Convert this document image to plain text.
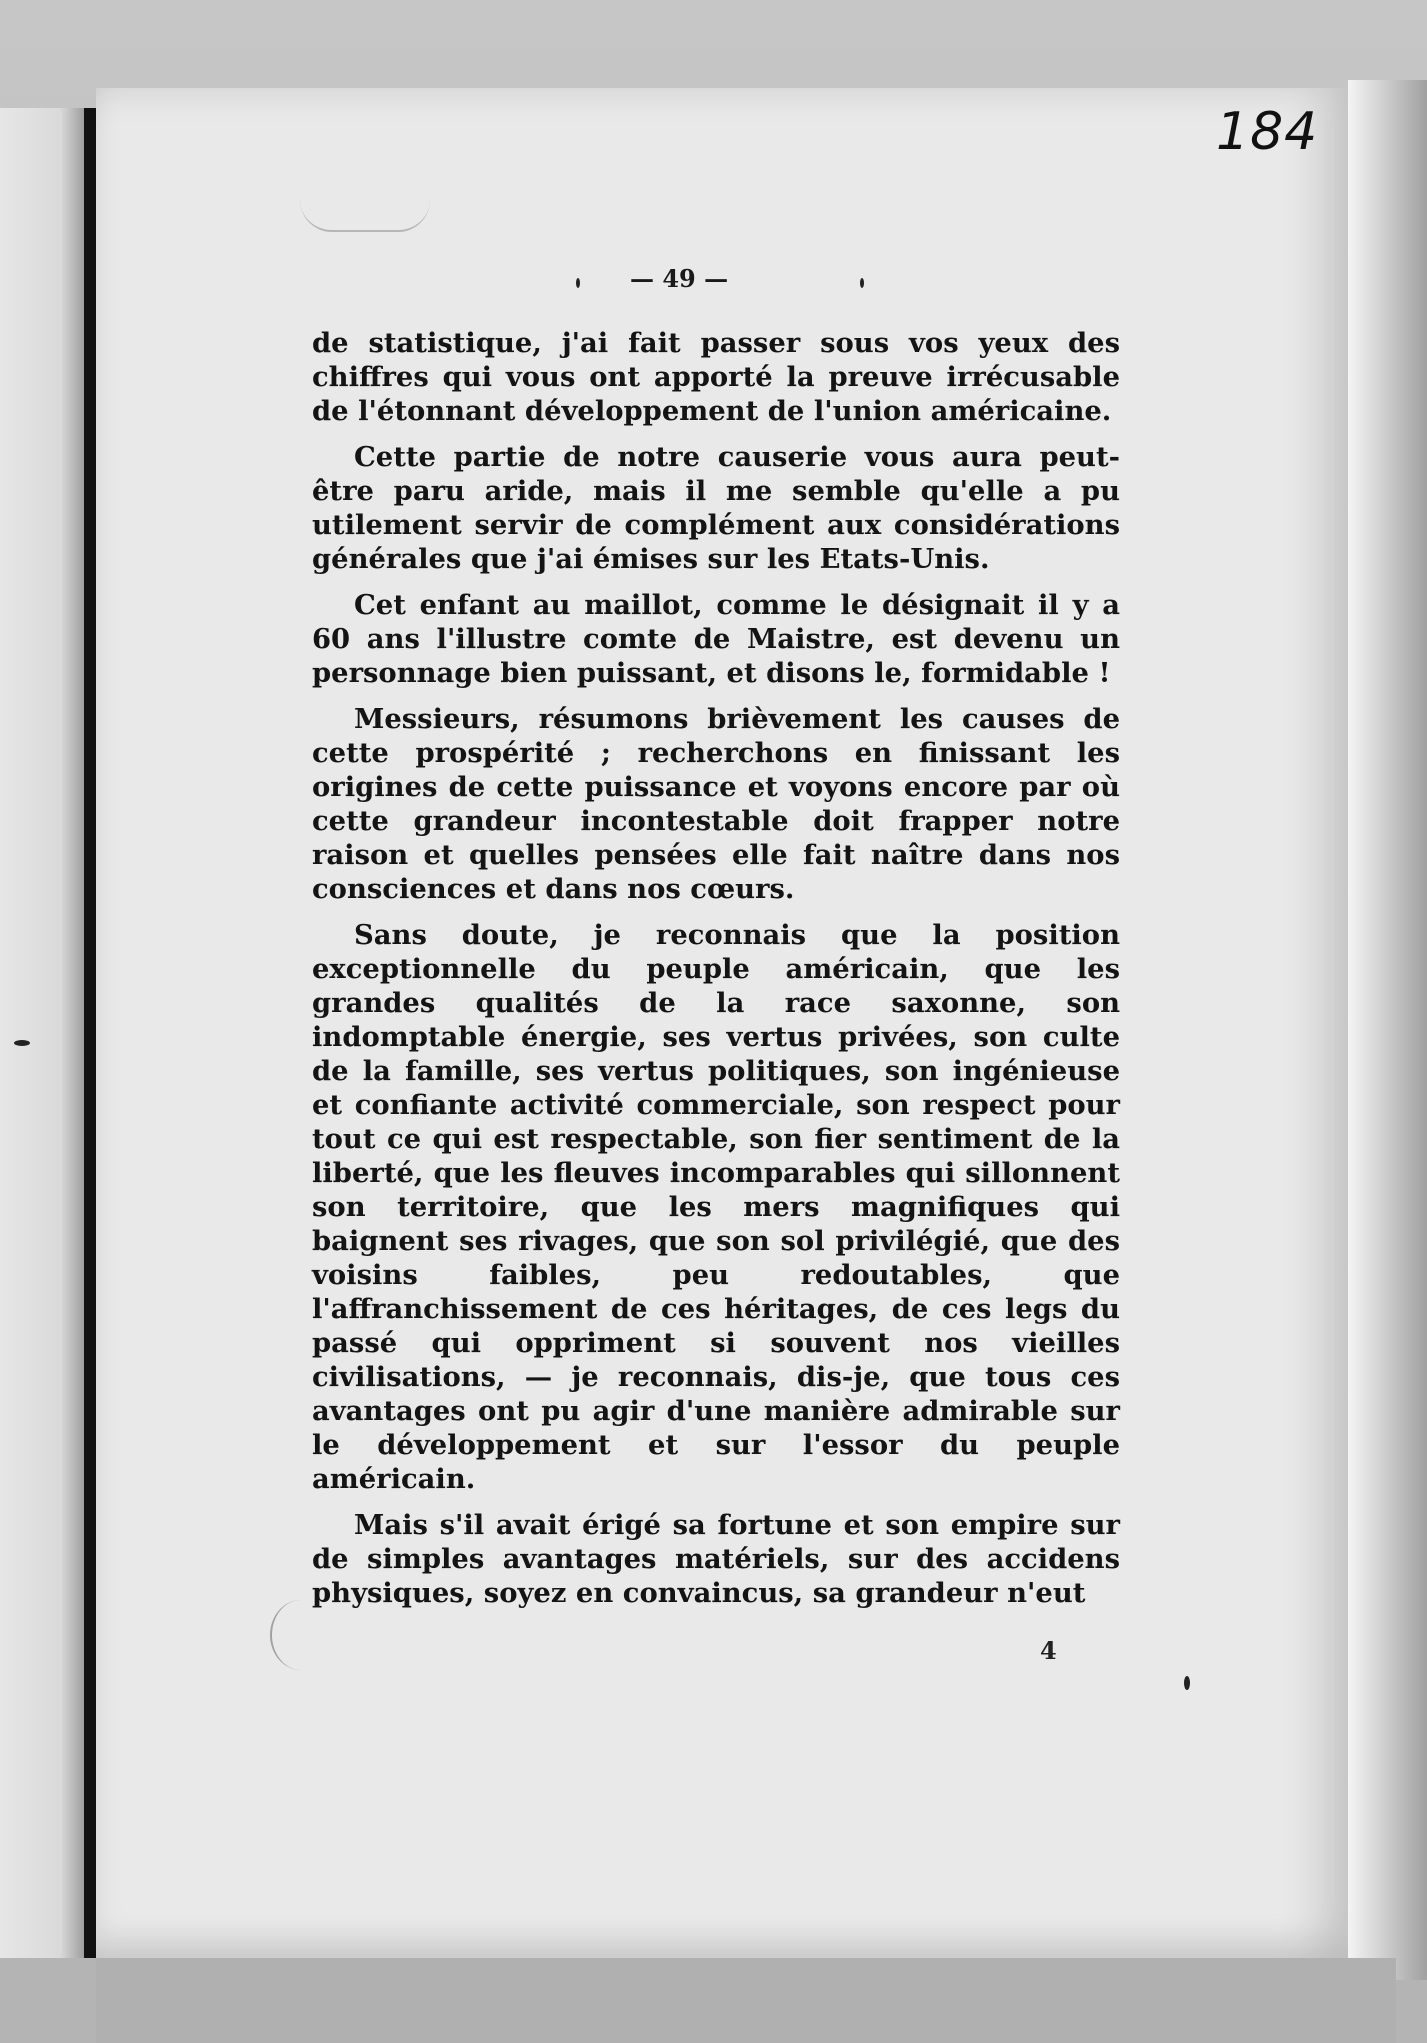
184
— 49 —

de statistique, j'ai fait passer sous vos yeux des chiffres qui vous ont apporté la preuve irrécusable de l'étonnant développement de l'union américaine.

Cette partie de notre causerie vous aura peut-être paru aride, mais il me semble qu'elle a pu utilement servir de complément aux considérations générales que j'ai émises sur les Etats-Unis.

Cet enfant au maillot, comme le désignait il y a 60 ans l'illustre comte de Maistre, est devenu un personnage bien puissant, et disons le, formidable !

Messieurs, résumons brièvement les causes de cette prospérité ; recherchons en finissant les origines de cette puissance et voyons encore par où cette grandeur incontestable doit frapper notre raison et quelles pensées elle fait naître dans nos consciences et dans nos cœurs.

Sans doute, je reconnais que la position exceptionnelle du peuple américain, que les grandes qualités de la race saxonne, son indomptable énergie, ses vertus privées, son culte de la famille, ses vertus politiques, son ingénieuse et confiante activité commerciale, son respect pour tout ce qui est respectable, son fier sentiment de la liberté, que les fleuves incomparables qui sillonnent son territoire, que les mers magnifiques qui baignent ses rivages, que son sol privilégié, que des voisins faibles, peu redoutables, que l'affranchissement de ces héritages, de ces legs du passé qui oppriment si souvent nos vieilles civilisations, — je reconnais, dis-je, que tous ces avantages ont pu agir d'une manière admirable sur le développement et sur l'essor du peuple américain.

Mais s'il avait érigé sa fortune et son empire sur de simples avantages matériels, sur des accidens physiques, soyez en convaincus, sa grandeur n'eut

4
